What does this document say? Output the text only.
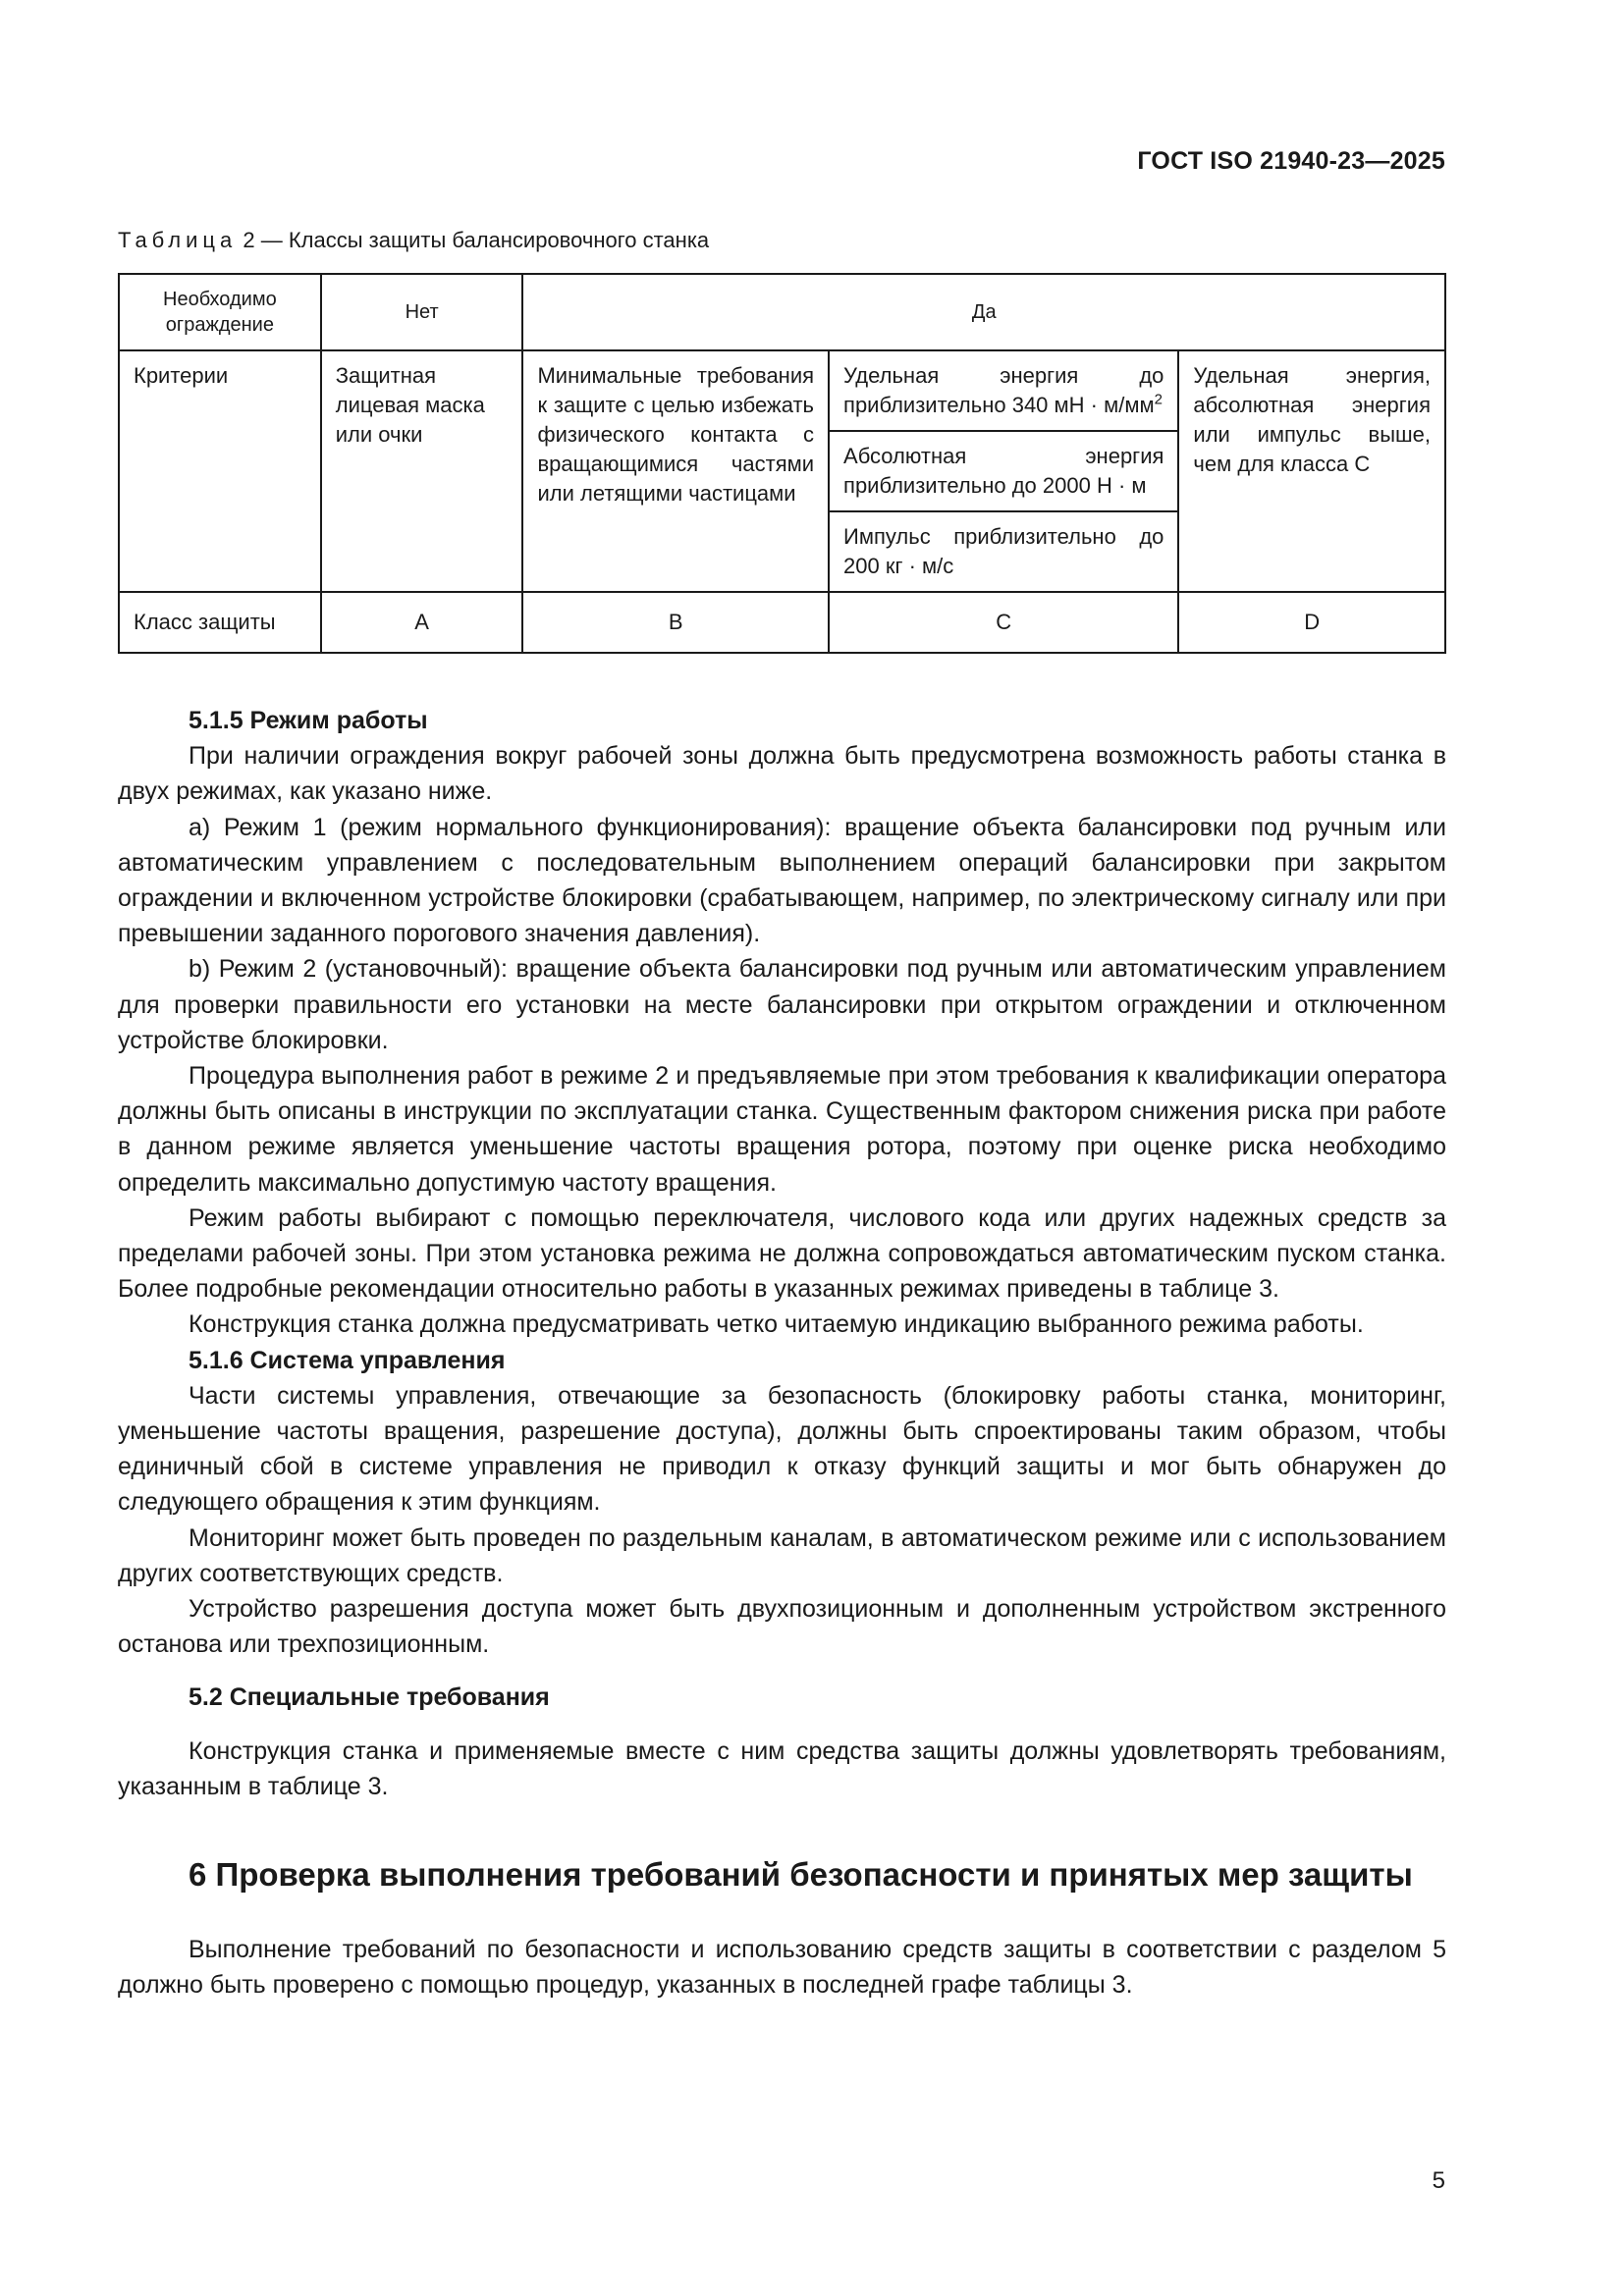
ГОСТ ISO 21940-23—2025
Таблица 2 — Классы защиты балансировочного станка
Необходимо ограждение	Нет	Да		
Критерии	Защитная лицевая маска или очки	Минимальные требования к защите с целью избежать физического контакта с вращающимися частями или летящими частицами	Удельная энергия до приблизительно 340 мН · $м/мм^2$	Удельная энергия, абсолютная энергия или импульс выше, чем для класса С
			Абсолютная энергия приблизительно до 2000 Н · м	
			Импульс приблизительно до 200 кг · м/с	
Класс защиты	A	B	C	D
5.1.5 Режим работы

При наличии ограждения вокруг рабочей зоны должна быть предусмотрена возможность работы станка в двух режимах, как указано ниже.

а) Режим 1 (режим нормального функционирования): вращение объекта балансировки под ручным или автоматическим управлением с последовательным выполнением операций балансировки при закрытом ограждении и включенном устройстве блокировки (срабатывающем, например, по электрическому сигналу или при превышении заданного порогового значения давления).

b) Режим 2 (установочный): вращение объекта балансировки под ручным или автоматическим управлением для проверки правильности его установки на месте балансировки при открытом ограждении и отключенном устройстве блокировки.

Процедура выполнения работ в режиме 2 и предъявляемые при этом требования к квалификации оператора должны быть описаны в инструкции по эксплуатации станка. Существенным фактором снижения риска при работе в данном режиме является уменьшение частоты вращения ротора, поэтому при оценке риска необходимо определить максимально допустимую частоту вращения.

Режим работы выбирают с помощью переключателя, числового кода или других надежных средств за пределами рабочей зоны. При этом установка режима не должна сопровождаться автоматическим пуском станка. Более подробные рекомендации относительно работы в указанных режимах приведены в таблице 3.

Конструкция станка должна предусматривать четко читаемую индикацию выбранного режима работы.

5.1.6 Система управления

Части системы управления, отвечающие за безопасность (блокировку работы станка, мониторинг, уменьшение частоты вращения, разрешение доступа), должны быть спроектированы таким образом, чтобы единичный сбой в системе управления не приводил к отказу функций защиты и мог быть обнаружен до следующего обращения к этим функциям.

Мониторинг может быть проведен по раздельным каналам, в автоматическом режиме или с использованием других соответствующих средств.

Устройство разрешения доступа может быть двухпозиционным и дополненным устройством экстренного останова или трехпозиционным.

5.2 Специальные требования

Конструкция станка и применяемые вместе с ним средства защиты должны удовлетворять требованиям, указанным в таблице 3.

6 Проверка выполнения требований безопасности и принятых мер защиты

Выполнение требований по безопасности и использованию средств защиты в соответствии с разделом 5 должно быть проверено с помощью процедур, указанных в последней графе таблицы 3.

5
